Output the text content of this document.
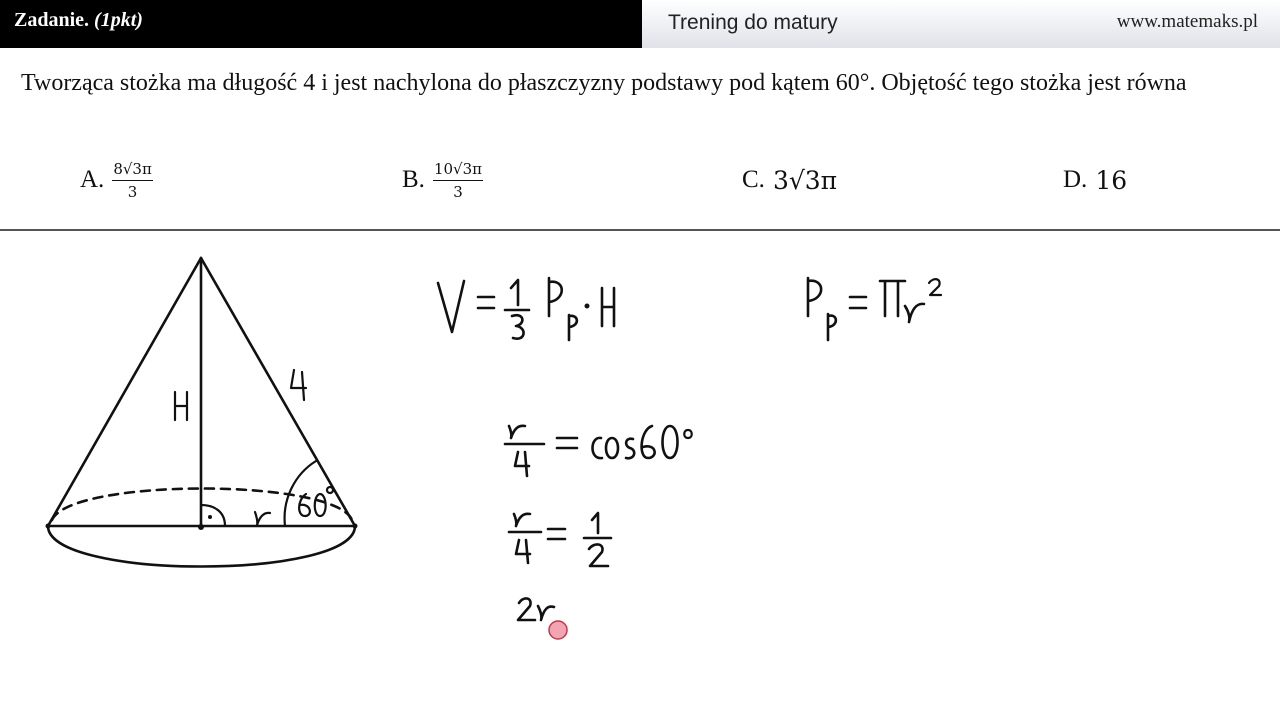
Zadanie. (1pkt)	Trening do matury	www.matemaks.pl
Tworząca stożka ma długość 4 i jest nachylona do płaszczyzny podstawy pod kątem 60°. Objętość tego stożka jest równa
A. $\frac{8√3\pi}{3}$	B. $\frac{10√3\pi}{3}$	C. 3√3π	D. 16
